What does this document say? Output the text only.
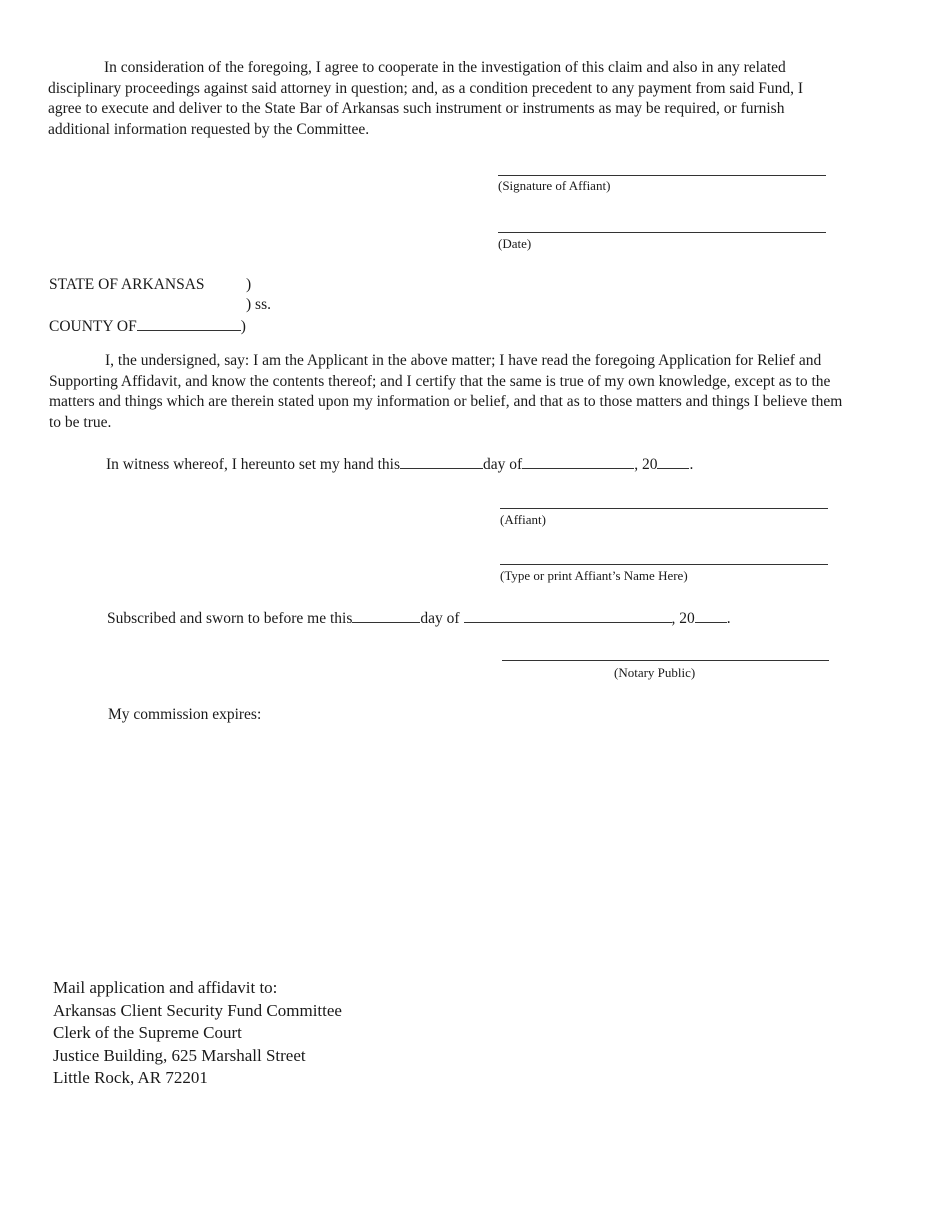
In consideration of the foregoing, I agree to cooperate in the investigation of this claim and also in any related disciplinary proceedings against said attorney in question; and, as a condition precedent to any payment from said Fund, I agree to execute and deliver to the State Bar of Arkansas such instrument or instruments as may be required, or furnish additional information requested by the Committee.

(Signature of Affiant)
(Date)
STATE OF ARKANSAS	)
) ss.
COUNTY OF	)

I, the undersigned, say: I am the Applicant in the above matter; I have read the foregoing Application for Relief and Supporting Affidavit, and know the contents thereof; and I certify that the same is true of my own knowledge, except as to the matters and things which are therein stated upon my information or belief, and that as to those matters and things I believe them to be true.

In witness whereof, I hereunto set my hand this	day of	, 20 .
(Affiant)
(Type or print Affiant’s Name Here)
Subscribed and sworn to before me this	day of	, 20 .
(Notary Public)
My commission expires:
Mail application and affidavit to:
Arkansas Client Security Fund Committee
Clerk of the Supreme Court
Justice Building, 625 Marshall Street
Little Rock, AR 72201
